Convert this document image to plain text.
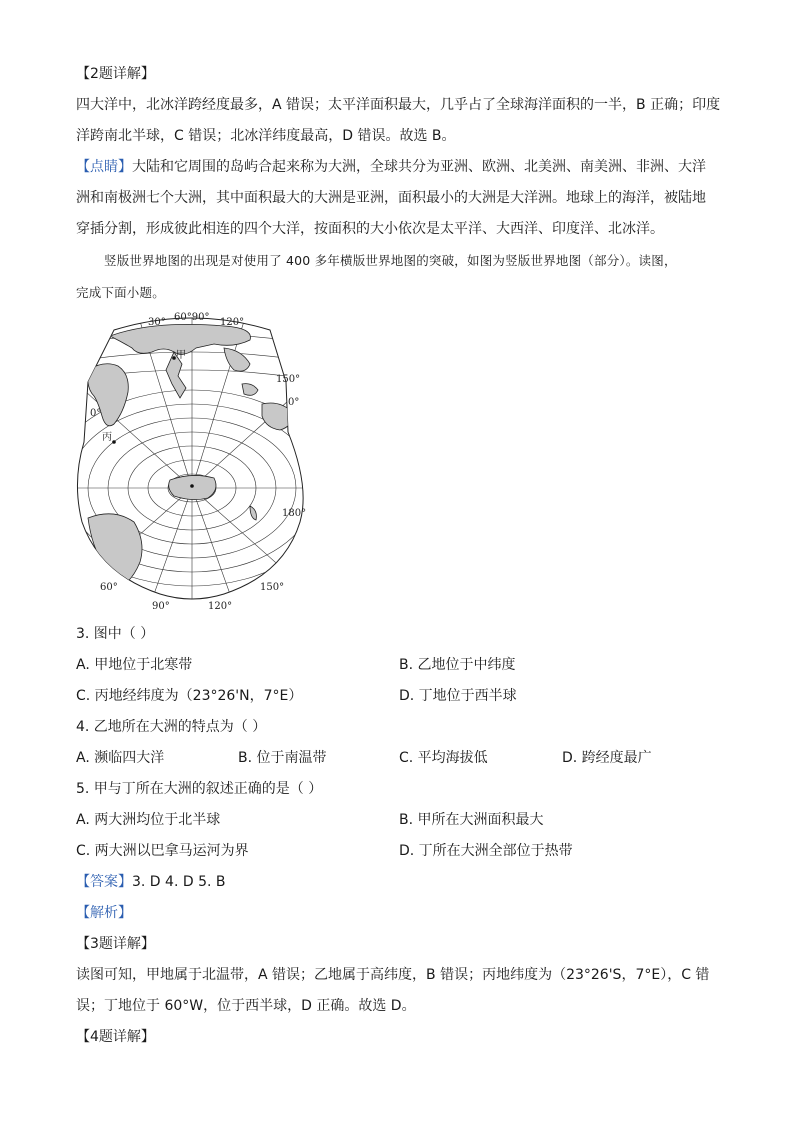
【2题详解】
四大洋中，北冰洋跨经度最多，A 错误；太平洋面积最大，几乎占了全球海洋面积的一半，B 正确；印度
洋跨南北半球，C 错误；北冰洋纬度最高，D 错误。故选 B。
【点睛】大陆和它周围的岛屿合起来称为大洲，全球共分为亚洲、欧洲、北美洲、南美洲、非洲、大洋
洲和南极洲七个大洲，其中面积最大的大洲是亚洲，面积最小的大洲是大洋洲。地球上的海洋，被陆地
穿插分割，形成彼此相连的四个大洋，按面积的大小依次是太平洋、大西洋、印度洋、北冰洋。
竖版世界地图的出现是对使用了 400 多年横版世界地图的突破，如图为竖版世界地图（部分）。读图，
完成下面小题。
30° 60°90° 120°
150°
0°
0°
180°
60°
90°	120°
150°
甲
丙
3. 图中（ ）
A. 甲地位于北寒带	B. 乙地位于中纬度
C. 丙地经纬度为（23°26'N，7°E）	D. 丁地位于西半球
4. 乙地所在大洲的特点为（ ）
A. 濒临四大洋	B. 位于南温带	C. 平均海拔低	D. 跨经度最广
5. 甲与丁所在大洲的叙述正确的是（ ）
A. 两大洲均位于北半球	B. 甲所在大洲面积最大
C. 两大洲以巴拿马运河为界	D. 丁所在大洲全部位于热带
【答案】3. D 4. D 5. B
【解析】
【3题详解】
读图可知，甲地属于北温带，A 错误；乙地属于高纬度，B 错误；丙地纬度为（23°26'S，7°E），C 错
误；丁地位于 60°W，位于西半球，D 正确。故选 D。
【4题详解】
